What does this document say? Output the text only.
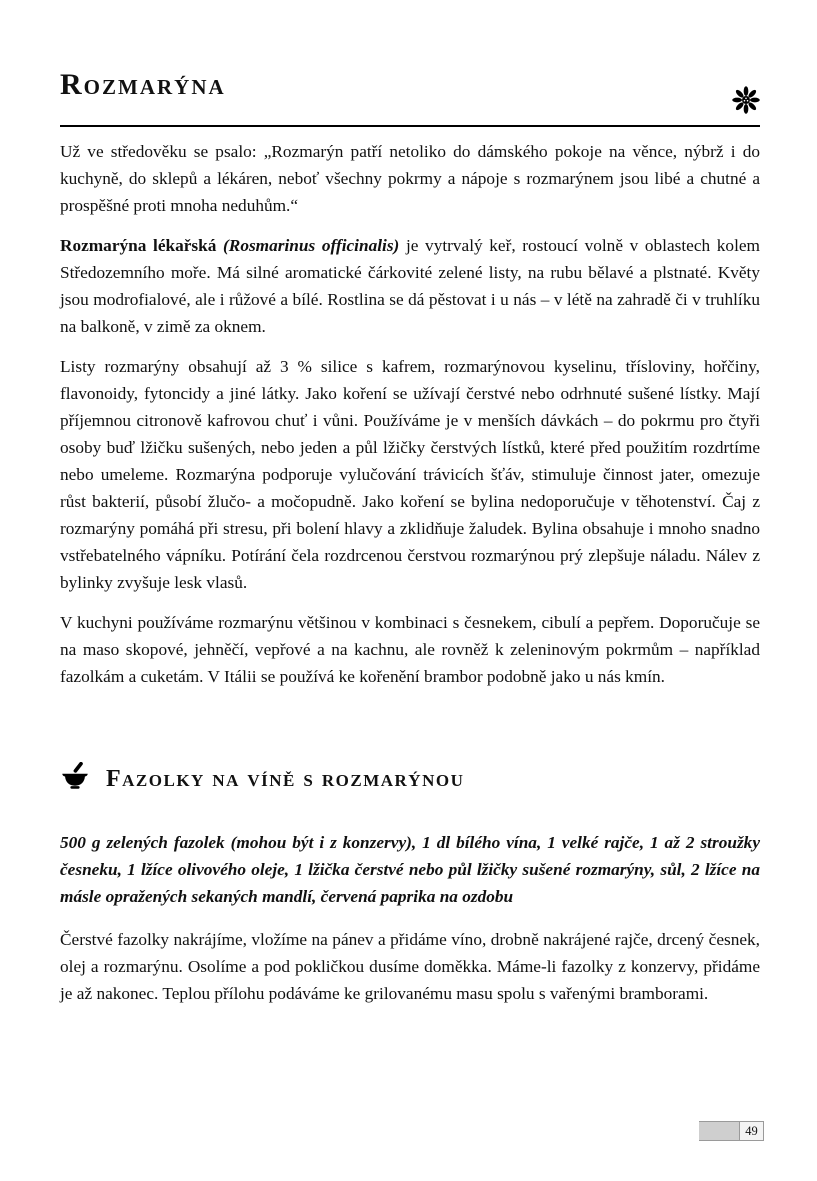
Rozmarýna

Už ve středověku se psalo: „Rozmarýn patří netoliko do dámského pokoje na věnce, nýbrž i do kuchyně, do sklepů a lékáren, neboť všechny pokrmy a nápoje s rozmarýnem jsou libé a chutné a prospěšné proti mnoha neduhům.“

Rozmarýna lékařská (Rosmarinus officinalis) je vytrvalý keř, rostoucí volně v oblastech kolem Středozemního moře. Má silné aromatické čárkovité zelené listy, na rubu bělavé a plstnaté. Květy jsou modrofialové, ale i růžové a bílé. Rostlina se dá pěstovat i u nás – v létě na zahradě či v truhlíku na balkoně, v zimě za oknem.

Listy rozmarýny obsahují až 3 % silice s kafrem, rozmarýnovou kyselinu, třísloviny, hořčiny, flavonoidy, fytoncidy a jiné látky. Jako koření se užívají čerstvé nebo odrhnuté sušené lístky. Mají příjemnou citronově kafrovou chuť i vůni. Používáme je v menších dávkách – do pokrmu pro čtyři osoby buď lžičku sušených, nebo jeden a půl lžičky čerstvých lístků, které před použitím rozdrtíme nebo umeleme. Rozmarýna podporuje vylučování trávicích šťáv, stimuluje činnost jater, omezuje růst bakterií, působí žlučo- a močopudně. Jako koření se bylina nedoporučuje v těhotenství. Čaj z rozmarýny pomáhá při stresu, při bolení hlavy a zklidňuje žaludek. Bylina obsahuje i mnoho snadno vstřebatelného vápníku. Potírání čela rozdrcenou čerstvou rozmarýnou prý zlepšuje náladu. Nálev z bylinky zvyšuje lesk vlasů.

V kuchyni používáme rozmarýnu většinou v kombinaci s česnekem, cibulí a pepřem. Doporučuje se na maso skopové, jehněčí, vepřové a na kachnu, ale rovněž k zeleninovým pokrmům – například fazolkám a cuketám. V Itálii se používá ke kořenění brambor podobně jako u nás kmín.

Fazolky na víně s rozmarýnou

500 g zelených fazolek (mohou být i z konzervy), 1 dl bílého vína, 1 velké rajče, 1 až 2 stroužky česneku, 1 lžíce olivového oleje, 1 lžička čerstvé nebo půl lžičky sušené rozmarýny, sůl, 2 lžíce na másle opražených sekaných mandlí, červená paprika na ozdobu

Čerstvé fazolky nakrájíme, vložíme na pánev a přidáme víno, drobně nakrájené rajče, drcený česnek, olej a rozmarýnu. Osolíme a pod pokličkou dusíme doměkka. Máme-li fazolky z konzervy, přidáme je až nakonec. Teplou přílohu podáváme ke grilovanému masu spolu s vařenými bramborami.

49
